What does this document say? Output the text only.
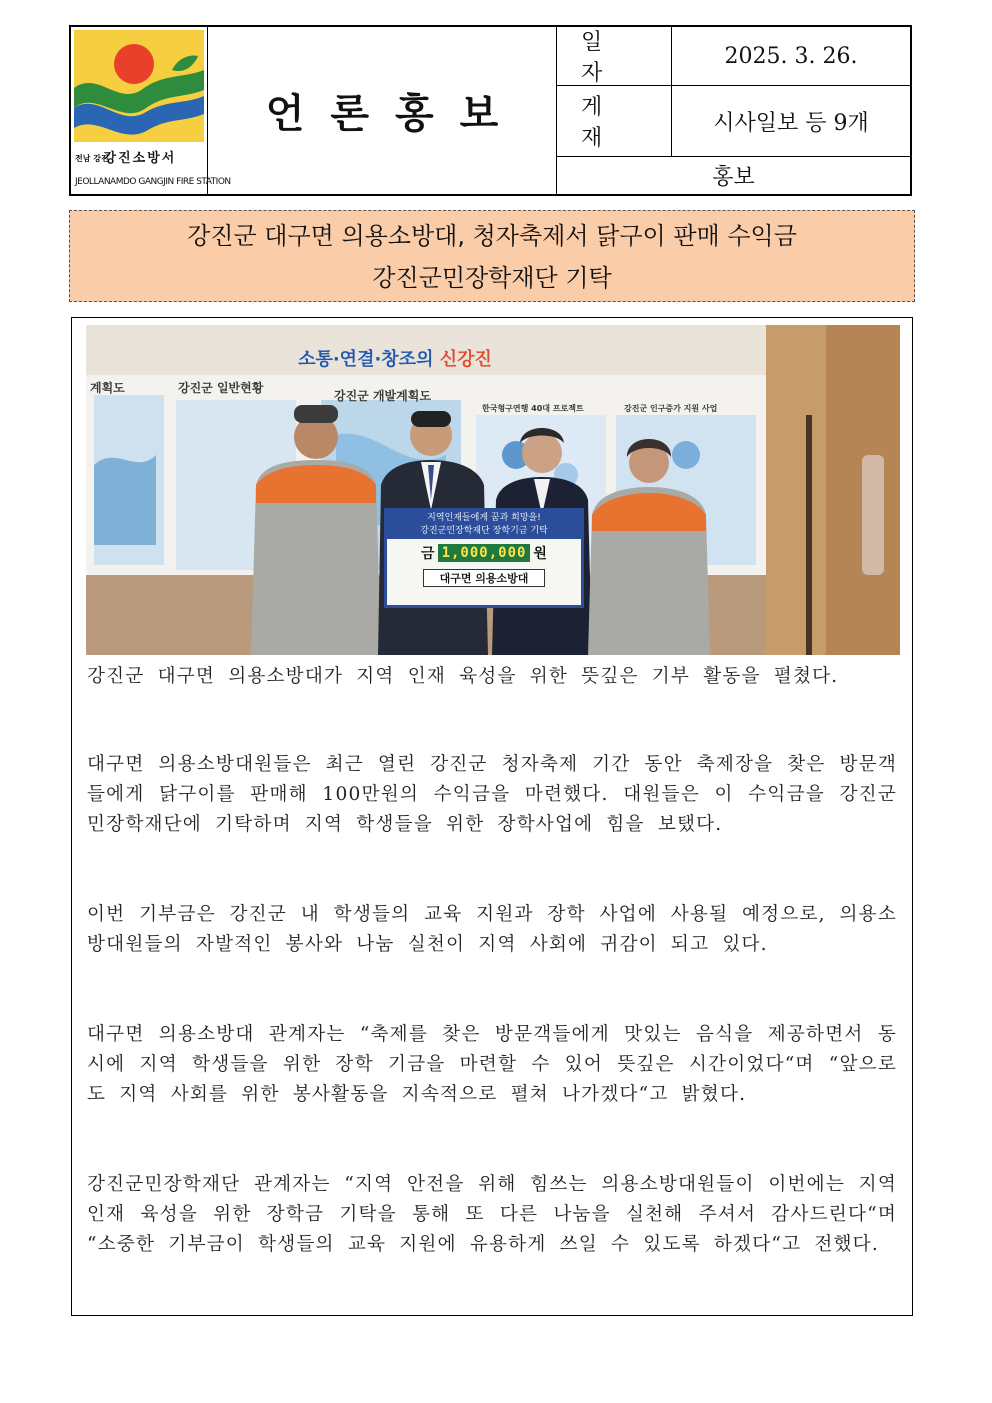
전남 강진 강진소방서
JEOLLANAMDO GANGJIN FIRE STATION
언론홍보
일자
2025. 3. 26.
게재
시사일보 등 9개
홍보
강진군 대구면 의용소방대, 청자축제서 닭구이 판매 수익금
강진군민장학재단 기탁
소통·연결·창조의 신강진
계획도	강진군 일반현황
강진군 개발계획도
한국형구연행 40대 프로젝트	강진군 인구증가 지원 사업
지역인재들에게 꿈과 희망을!
강진군민장학재단 장학기금 기탁
금 1,000,000 원
대구면 의용소방대

강진군 대구면 의용소방대가 지역 인재 육성을 위한 뜻깊은 기부 활동을 펼쳤다.

대구면 의용소방대원들은 최근 열린 강진군 청자축제 기간 동안 축제장을 찾은 방문객들에게 닭구이를 판매해 100만원의 수익금을 마련했다. 대원들은 이 수익금을 강진군민장학재단에 기탁하며 지역 학생들을 위한 장학사업에 힘을 보탰다.

이번 기부금은 강진군 내 학생들의 교육 지원과 장학 사업에 사용될 예정으로, 의용소방대원들의 자발적인 봉사와 나눔 실천이 지역 사회에 귀감이 되고 있다.

대구면 의용소방대 관계자는 “축제를 찾은 방문객들에게 맛있는 음식을 제공하면서 동시에 지역 학생들을 위한 장학 기금을 마련할 수 있어 뜻깊은 시간이었다“며 “앞으로도 지역 사회를 위한 봉사활동을 지속적으로 펼쳐 나가겠다“고 밝혔다.

강진군민장학재단 관계자는 “지역 안전을 위해 힘쓰는 의용소방대원들이 이번에는 지역 인재 육성을 위한 장학금 기탁을 통해 또 다른 나눔을 실천해 주셔서 감사드린다“며 “소중한 기부금이 학생들의 교육 지원에 유용하게 쓰일 수 있도록 하겠다“고 전했다.
